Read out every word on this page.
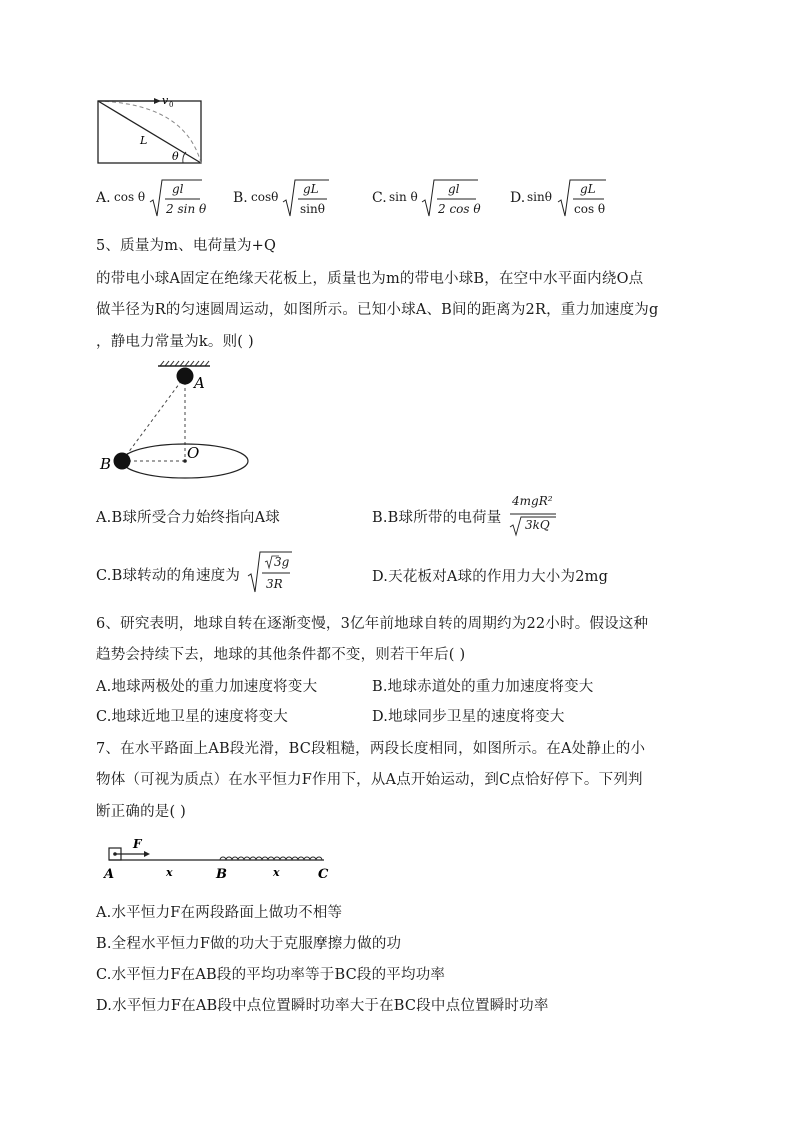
v 0
L
θ
A. cos θ
gl
2 sin θ
B. cosθ
gL
sinθ
C. sin θ
gl
2 cos θ
D. sinθ
gL
cos θ
5、质量为m、电荷量为+Q
的带电小球A固定在绝缘天花板上，质量也为m的带电小球B，在空中水平面内绕O点
做半径为R的匀速圆周运动，如图所示。已知小球A、B间的距离为2R，重力加速度为g
，静电力常量为k。则( )
A
B
O
A.B球所受合力始终指向A球	B.B球所带的电荷量
4mgR²
3kQ
C.B球转动的角速度为
3g
3R	D.天花板对A球的作用力大小为2mg
6、研究表明，地球自转在逐渐变慢，3亿年前地球自转的周期约为22小时。假设这种
趋势会持续下去，地球的其他条件都不变，则若干年后( )
A.地球两极处的重力加速度将变大	B.地球赤道处的重力加速度将变大
C.地球近地卫星的速度将变大	D.地球同步卫星的速度将变大
7、在水平路面上AB段光滑，BC段粗糙，两段长度相同，如图所示。在A处静止的小
物体（可视为质点）在水平恒力F作用下，从A点开始运动，到C点恰好停下。下列判
断正确的是( )
F
A	x	B	x	C
A.水平恒力F在两段路面上做功不相等
B.全程水平恒力F做的功大于克服摩擦力做的功
C.水平恒力F在AB段的平均功率等于BC段的平均功率
D.水平恒力F在AB段中点位置瞬时功率大于在BC段中点位置瞬时功率
